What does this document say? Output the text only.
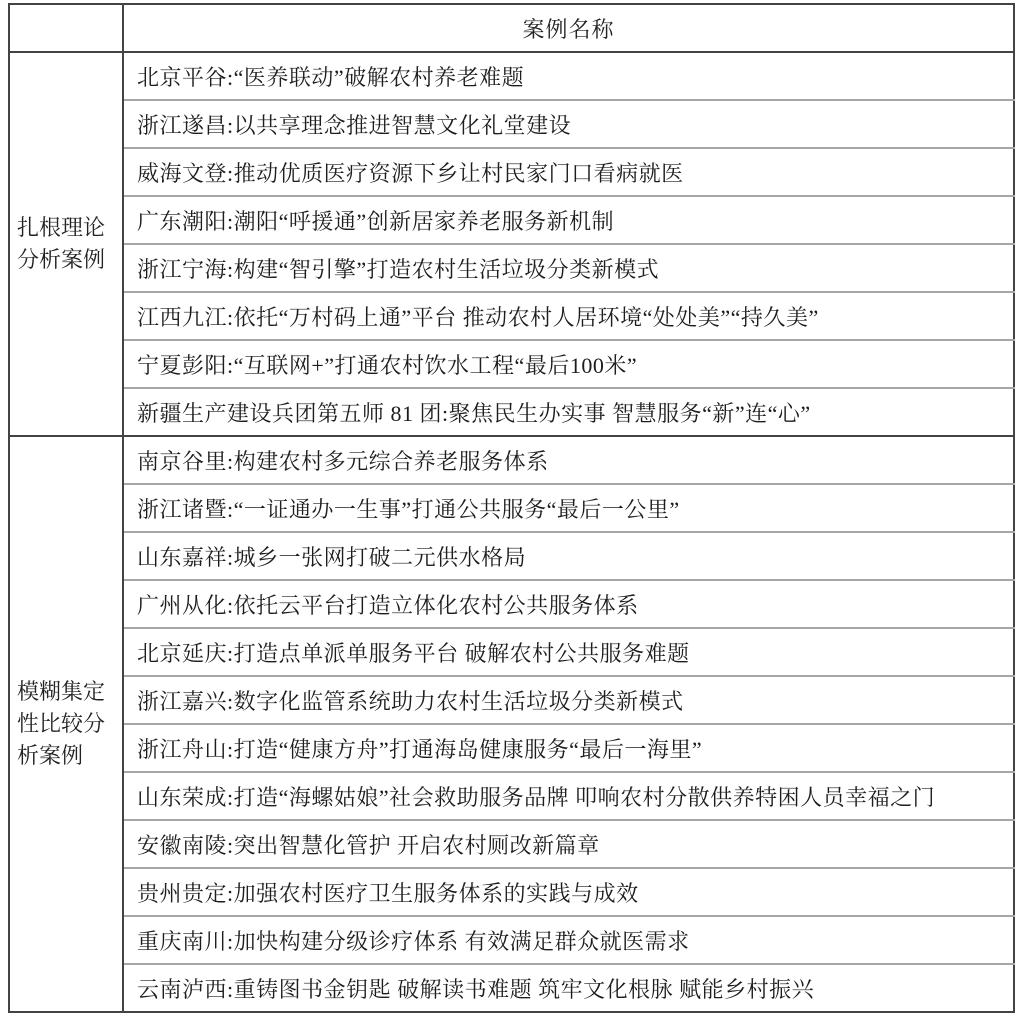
	案例名称
扎根理论分析案例	北京平谷:“医养联动”破解农村养老难题
	浙江遂昌:以共享理念推进智慧文化礼堂建设
	威海文登:推动优质医疗资源下乡让村民家门口看病就医
	广东潮阳:潮阳“呼援通”创新居家养老服务新机制
	浙江宁海:构建“智引擎”打造农村生活垃圾分类新模式
	江西九江:依托“万村码上通”平台 推动农村人居环境“处处美”“持久美”
	宁夏彭阳:“互联网+”打通农村饮水工程“最后100米”
	新疆生产建设兵团第五师 81 团:聚焦民生办实事 智慧服务“新”连“心”
模糊集定性比较分析案例	南京谷里:构建农村多元综合养老服务体系
	浙江诸暨:“一证通办一生事”打通公共服务“最后一公里”
	山东嘉祥:城乡一张网打破二元供水格局
	广州从化:依托云平台打造立体化农村公共服务体系
	北京延庆:打造点单派单服务平台 破解农村公共服务难题
	浙江嘉兴:数字化监管系统助力农村生活垃圾分类新模式
	浙江舟山:打造“健康方舟”打通海岛健康服务“最后一海里”
	山东荣成:打造“海螺姑娘”社会救助服务品牌 叩响农村分散供养特困人员幸福之门
	安徽南陵:突出智慧化管护 开启农村厕改新篇章
	贵州贵定:加强农村医疗卫生服务体系的实践与成效
	重庆南川:加快构建分级诊疗体系 有效满足群众就医需求
	云南泸西:重铸图书金钥匙 破解读书难题 筑牢文化根脉 赋能乡村振兴
